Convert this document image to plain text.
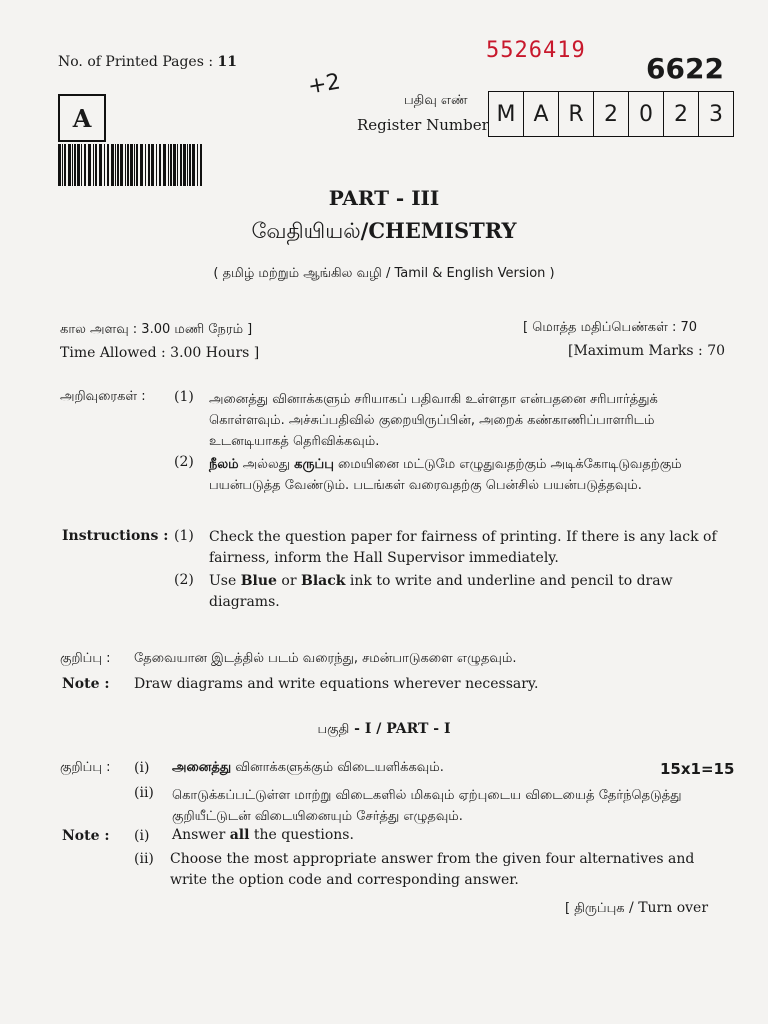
No. of Printed Pages : 11	5526419
6622
+2
A
பதிவு எண்
Register Number M A R 2 0 2 3
PART - III
வேதியியல்/CHEMISTRY
( தமிழ் மற்றும் ஆங்கில வழி / Tamil & English Version )
கால அளவு : 3.00 மணி நேரம் ]
Time Allowed : 3.00 Hours ]
[ மொத்த மதிப்பெண்கள் : 70
[Maximum Marks : 70
அறிவுரைகள் : (1) அனைத்து வினாக்களும் சரியாகப் பதிவாகி உள்ளதா என்பதனை சரிபார்த்துக் கொள்ளவும். அச்சுப்பதிவில் குறையிருப்பின், அறைக் கண்காணிப்பாளரிடம் உடனடியாகத் தெரிவிக்கவும்.
(2) நீலம் அல்லது கருப்பு மையினை மட்டுமே எழுதுவதற்கும் அடிக்கோடிடுவதற்கும் பயன்படுத்த வேண்டும். படங்கள் வரைவதற்கு பென்சில் பயன்படுத்தவும்.
Instructions : (1) Check the question paper for fairness of printing. If there is any lack of fairness, inform the Hall Supervisor immediately.
(2) Use Blue or Black ink to write and underline and pencil to draw diagrams.
குறிப்பு : தேவையான இடத்தில் படம் வரைந்து, சமன்பாடுகளை எழுதவும்.
Note : Draw diagrams and write equations wherever necessary.
பகுதி - I / PART - I
குறிப்பு : (i) அனைத்து வினாக்களுக்கும் விடையளிக்கவும்.	15x1=15
(ii) கொடுக்கப்பட்டுள்ள மாற்று விடைகளில் மிகவும் ஏற்புடைய விடையைத் தேர்ந்தெடுத்து குறியீட்டுடன் விடையினையும் சேர்த்து எழுதவும்.
Note : (i) Answer all the questions.
(ii) Choose the most appropriate answer from the given four alternatives and write the option code and corresponding answer.
[ திருப்புக / Turn over
